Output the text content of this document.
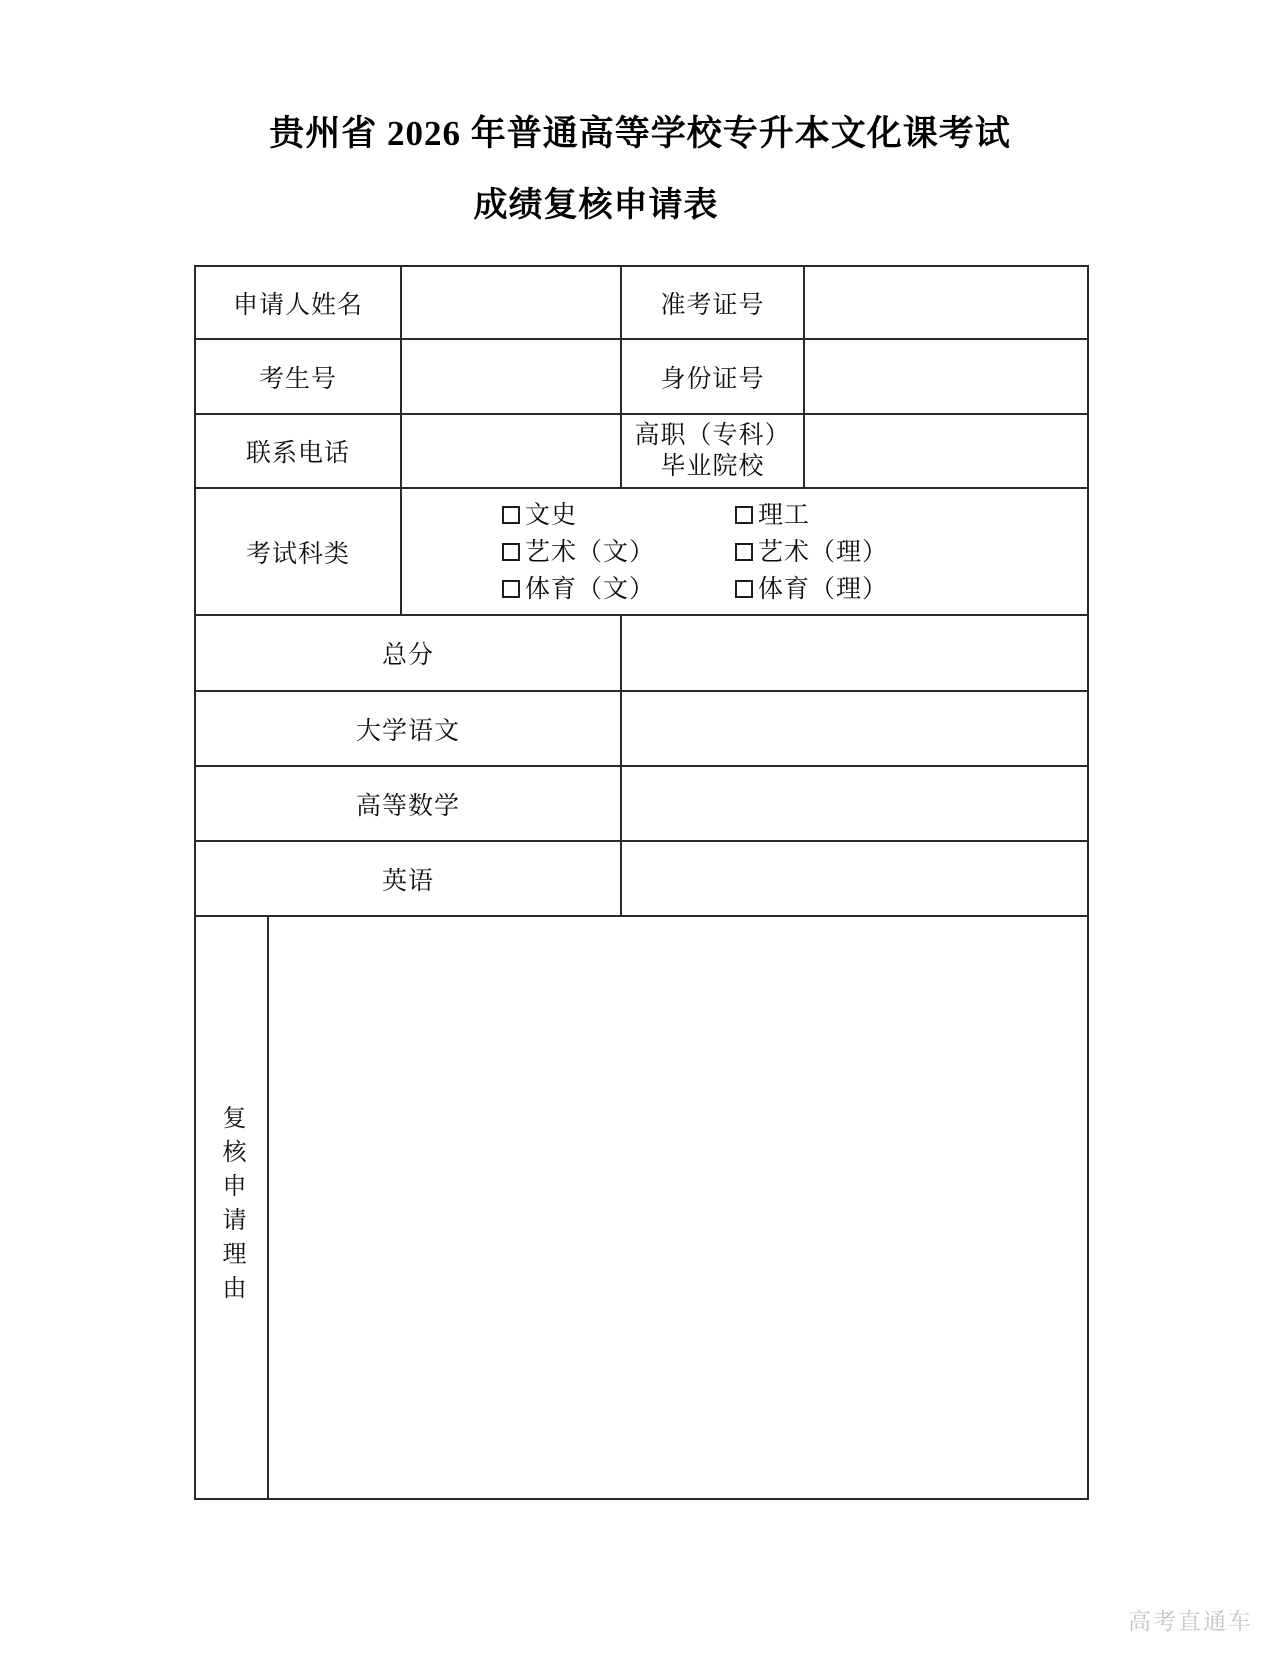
贵州省 2026 年普通高等学校专升本文化课考试
成绩复核申请表
申请人姓名			准考证号	
考生号			身份证号	
联系电话			高职（专科）
毕业院校	

考试科类	
文史	理工
艺术（文）	艺术（理）
体育（文）	体育（理）

总分				
大学语文				
高等数学				
英语				
复核申请理由				
高考直通车
